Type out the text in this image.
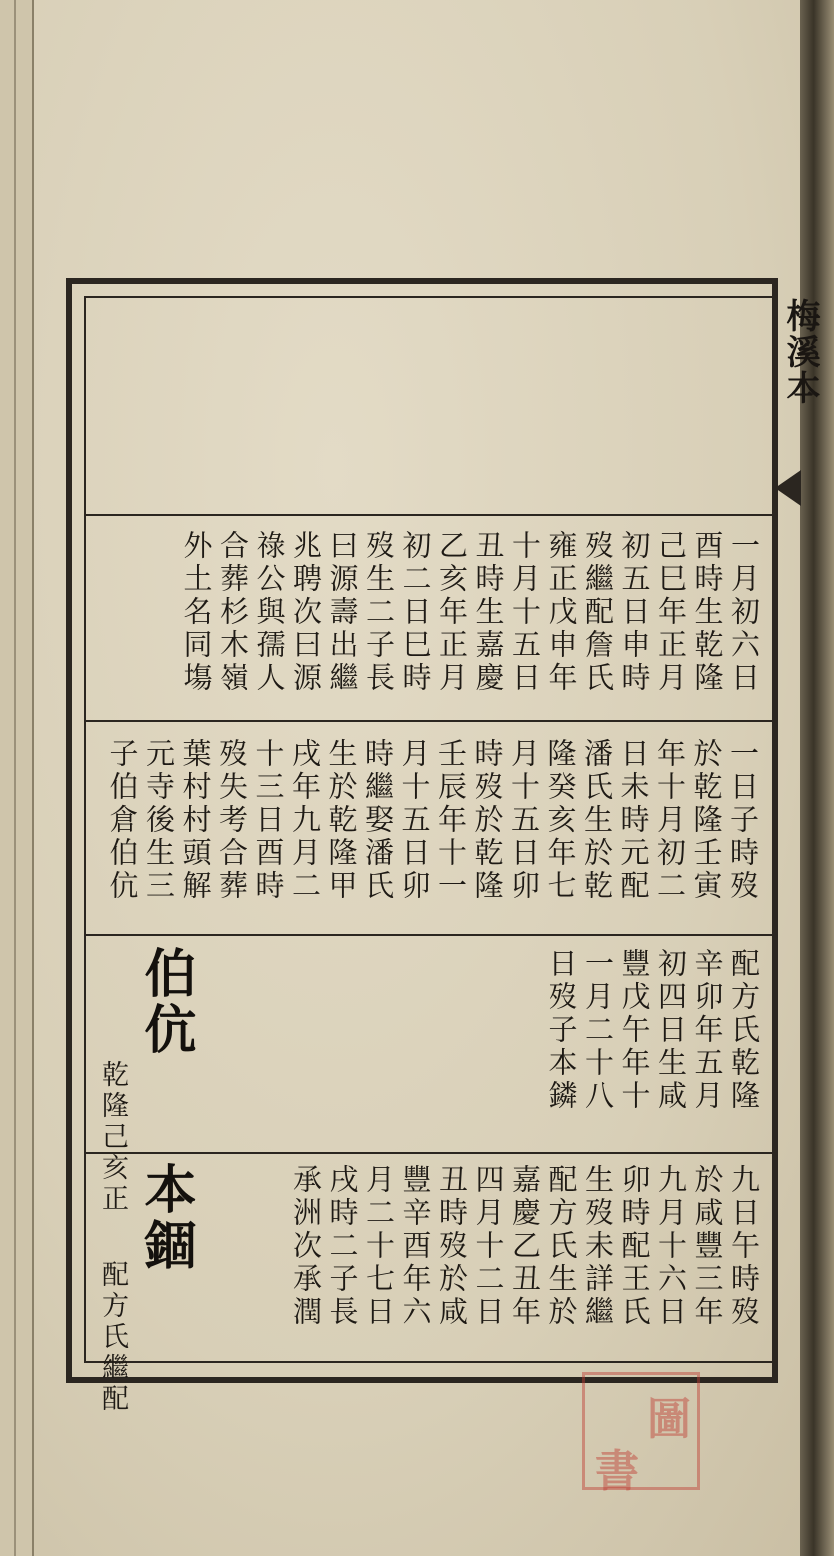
梅溪本
一月初六日
酉時生乾隆
己巳年正月
初五日申時
歿繼配詹氏
雍正戊申年
十月十五日
丑時生嘉慶
乙亥年正月
初二日巳時
歿生二子長
曰源壽出繼
兆聘次曰源
祿公與孺人
合葬杉木嶺
外土名同塲
一日子時歿
於乾隆壬寅
年十月初二
日未時元配
潘氏生於乾
隆癸亥年七
月十五日卯
時歿於乾隆
壬辰年十一
月十五日卯
時繼娶潘氏
生於乾隆甲
戌年九月二
十三日酉時
歿失考合葬
葉村村頭解
元寺後生三
子伯倉伯伉
配方氏乾隆
辛卯年五月
初四日生咸
豐戊午年十
一月二十八
日歿子本鏻
九日午時歿
於咸豐三年
九月十六日
卯時配王氏
生歿未詳繼
配方氏生於
嘉慶乙丑年
四月十二日
丑時歿於咸
豐辛酉年六
月二十七日
戌時二子長
承洲次承潤
伯伉
乾隆己亥正
本錮
配方氏繼配
圖
書
